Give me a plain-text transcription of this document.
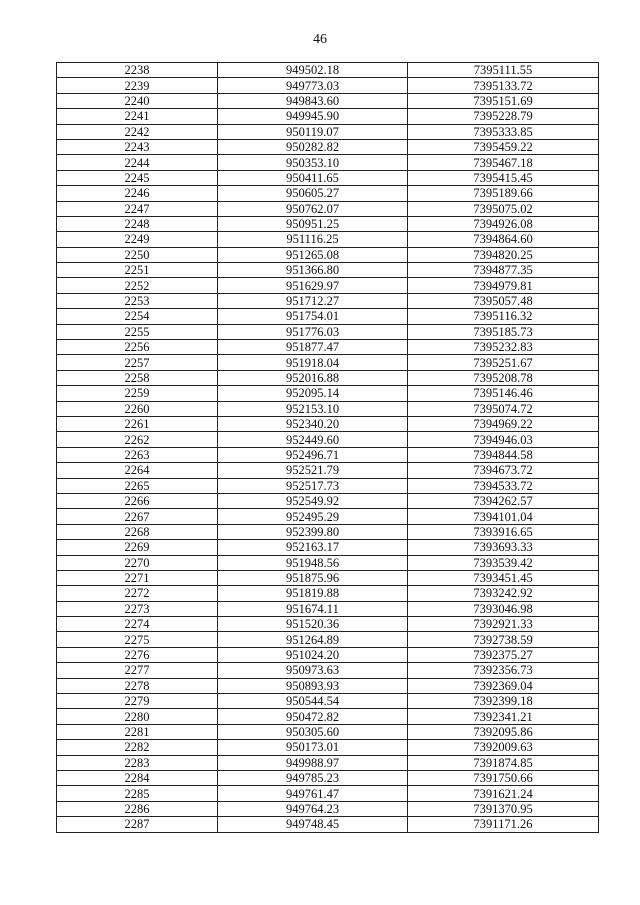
46
2238	949502.18	7395111.55
2239	949773.03	7395133.72
2240	949843.60	7395151.69
2241	949945.90	7395228.79
2242	950119.07	7395333.85
2243	950282.82	7395459.22
2244	950353.10	7395467.18
2245	950411.65	7395415.45
2246	950605.27	7395189.66
2247	950762.07	7395075.02
2248	950951.25	7394926.08
2249	951116.25	7394864.60
2250	951265.08	7394820.25
2251	951366.80	7394877.35
2252	951629.97	7394979.81
2253	951712.27	7395057.48
2254	951754.01	7395116.32
2255	951776.03	7395185.73
2256	951877.47	7395232.83
2257	951918.04	7395251.67
2258	952016.88	7395208.78
2259	952095.14	7395146.46
2260	952153.10	7395074.72
2261	952340.20	7394969.22
2262	952449.60	7394946.03
2263	952496.71	7394844.58
2264	952521.79	7394673.72
2265	952517.73	7394533.72
2266	952549.92	7394262.57
2267	952495.29	7394101.04
2268	952399.80	7393916.65
2269	952163.17	7393693.33
2270	951948.56	7393539.42
2271	951875.96	7393451.45
2272	951819.88	7393242.92
2273	951674.11	7393046.98
2274	951520.36	7392921.33
2275	951264.89	7392738.59
2276	951024.20	7392375.27
2277	950973.63	7392356.73
2278	950893.93	7392369.04
2279	950544.54	7392399.18
2280	950472.82	7392341.21
2281	950305.60	7392095.86
2282	950173.01	7392009.63
2283	949988.97	7391874.85
2284	949785.23	7391750.66
2285	949761.47	7391621.24
2286	949764.23	7391370.95
2287	949748.45	7391171.26
